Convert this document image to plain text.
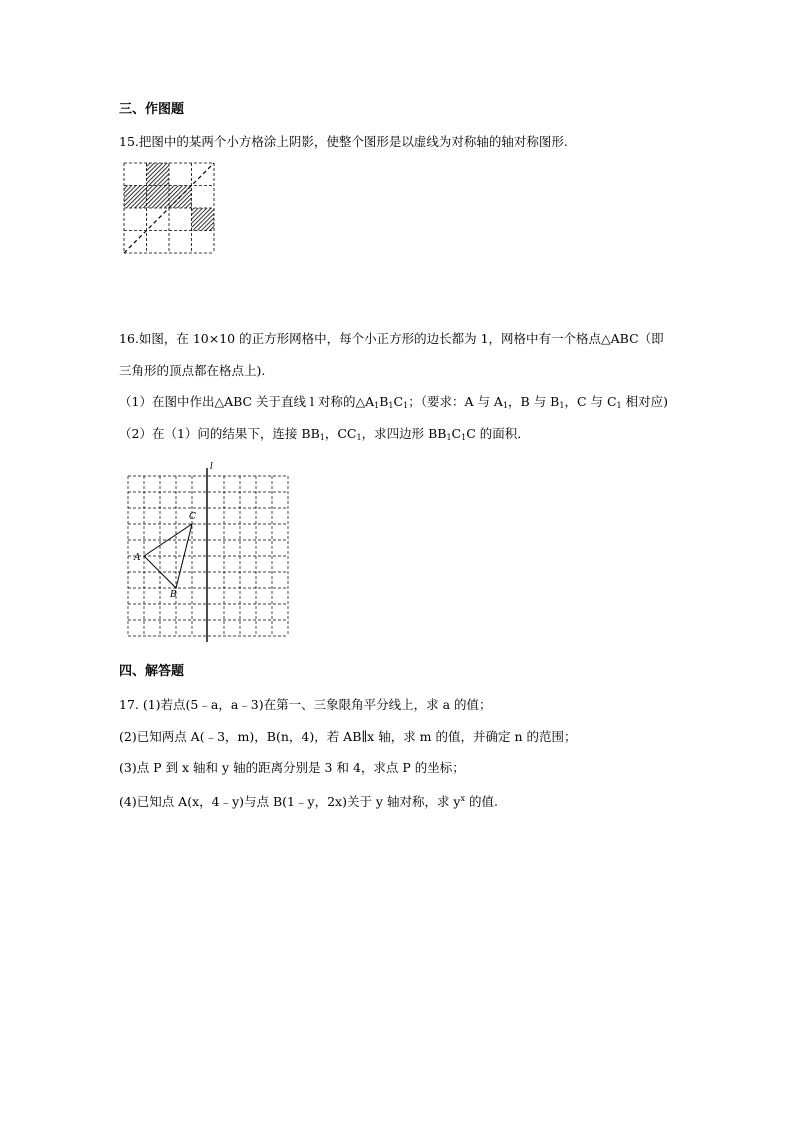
三、作图题
15.把图中的某两个小方格涂上阴影，使整个图形是以虚线为对称轴的轴对称图形.
16.如图，在 10×10 的正方形网格中，每个小正方形的边长都为 1，网格中有一个格点△ABC（即
三角形的顶点都在格点上).
（1）在图中作出△ABC 关于直线 l 对称的$\triangle A_1B_1C_1$；（要求：A 与 $A_1$，B 与 $B_1$，C 与 $C_1$ 相对应)
（2）在（1）问的结果下，连接 $BB_1$，$CC_1$，求四边形 $BB_1C_1C$ 的面积．
l
A
B
C
四、解答题
17. (1)若点(5﹣a，a﹣3)在第一、三象限角平分线上，求 a 的值；
(2)已知两点 A(﹣3，m)，B(n，4)，若 AB∥x 轴，求 m 的值，并确定 n 的范围；
(3)点 P 到 x 轴和 y 轴的距离分别是 3 和 4，求点 P 的坐标；
(4)已知点 A(x，4﹣y)与点 B(1﹣y，2x)关于 y 轴对称，求 $y^x$ 的值.
